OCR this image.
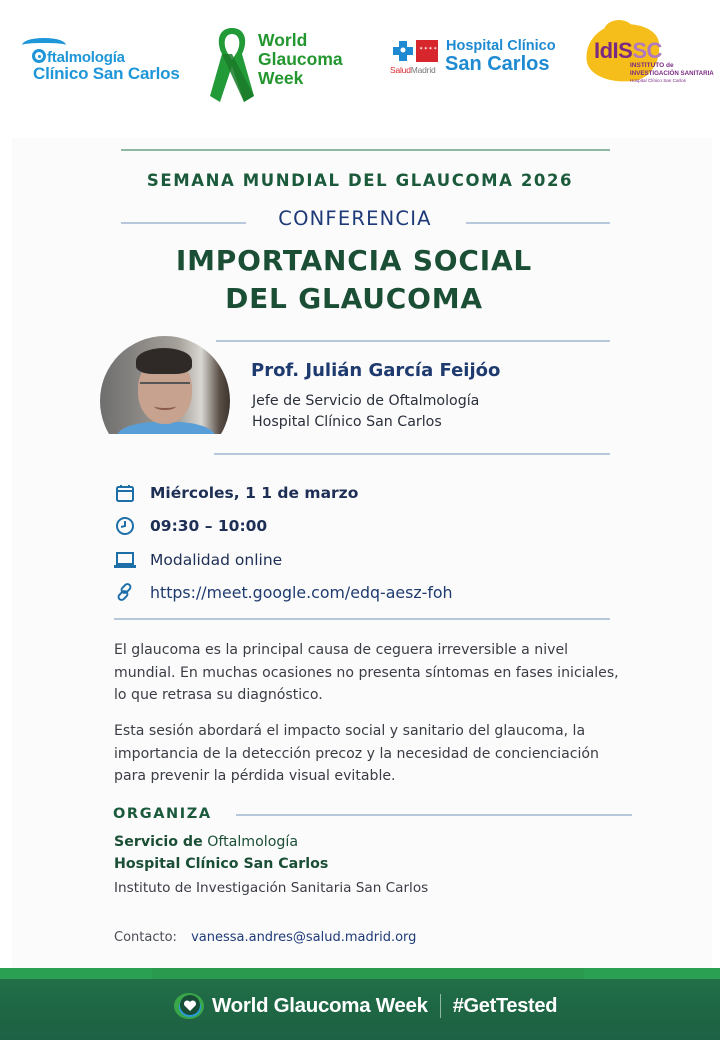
ftalmología
Clínico San Carlos
World
Glaucoma
Week
✶✶✶✶
SaludMadrid
Hospital Clínico
San Carlos
IdISSC
INSTITUTO de
INVESTIGACIÓN SANITARIA
Hospital Clínico San Carlos
SEMANA MUNDIAL DEL GLAUCOMA 2026
CONFERENCIA
IMPORTANCIA SOCIAL
DEL GLAUCOMA
Prof. Julián García Feijóo
Jefe de Servicio de Oftalmología
Hospital Clínico San Carlos
Miércoles, 1 1 de marzo
09:30 – 10:00
Modalidad online
https://meet.google.com/edq-aesz-foh
El glaucoma es la principal causa de ceguera irreversible a nivel mundial. En muchas ocasiones no presenta síntomas en fases iniciales, lo que retrasa su diagnóstico.
Esta sesión abordará el impacto social y sanitario del glaucoma, la importancia de la detección precoz y la necesidad de concienciación para prevenir la pérdida visual evitable.
ORGANIZA
Servicio de Oftalmología
Hospital Clínico San Carlos
Instituto de Investigación Sanitaria San Carlos
Contacto: vanessa.andres@salud.madrid.org
World Glaucoma Week #GetTested
